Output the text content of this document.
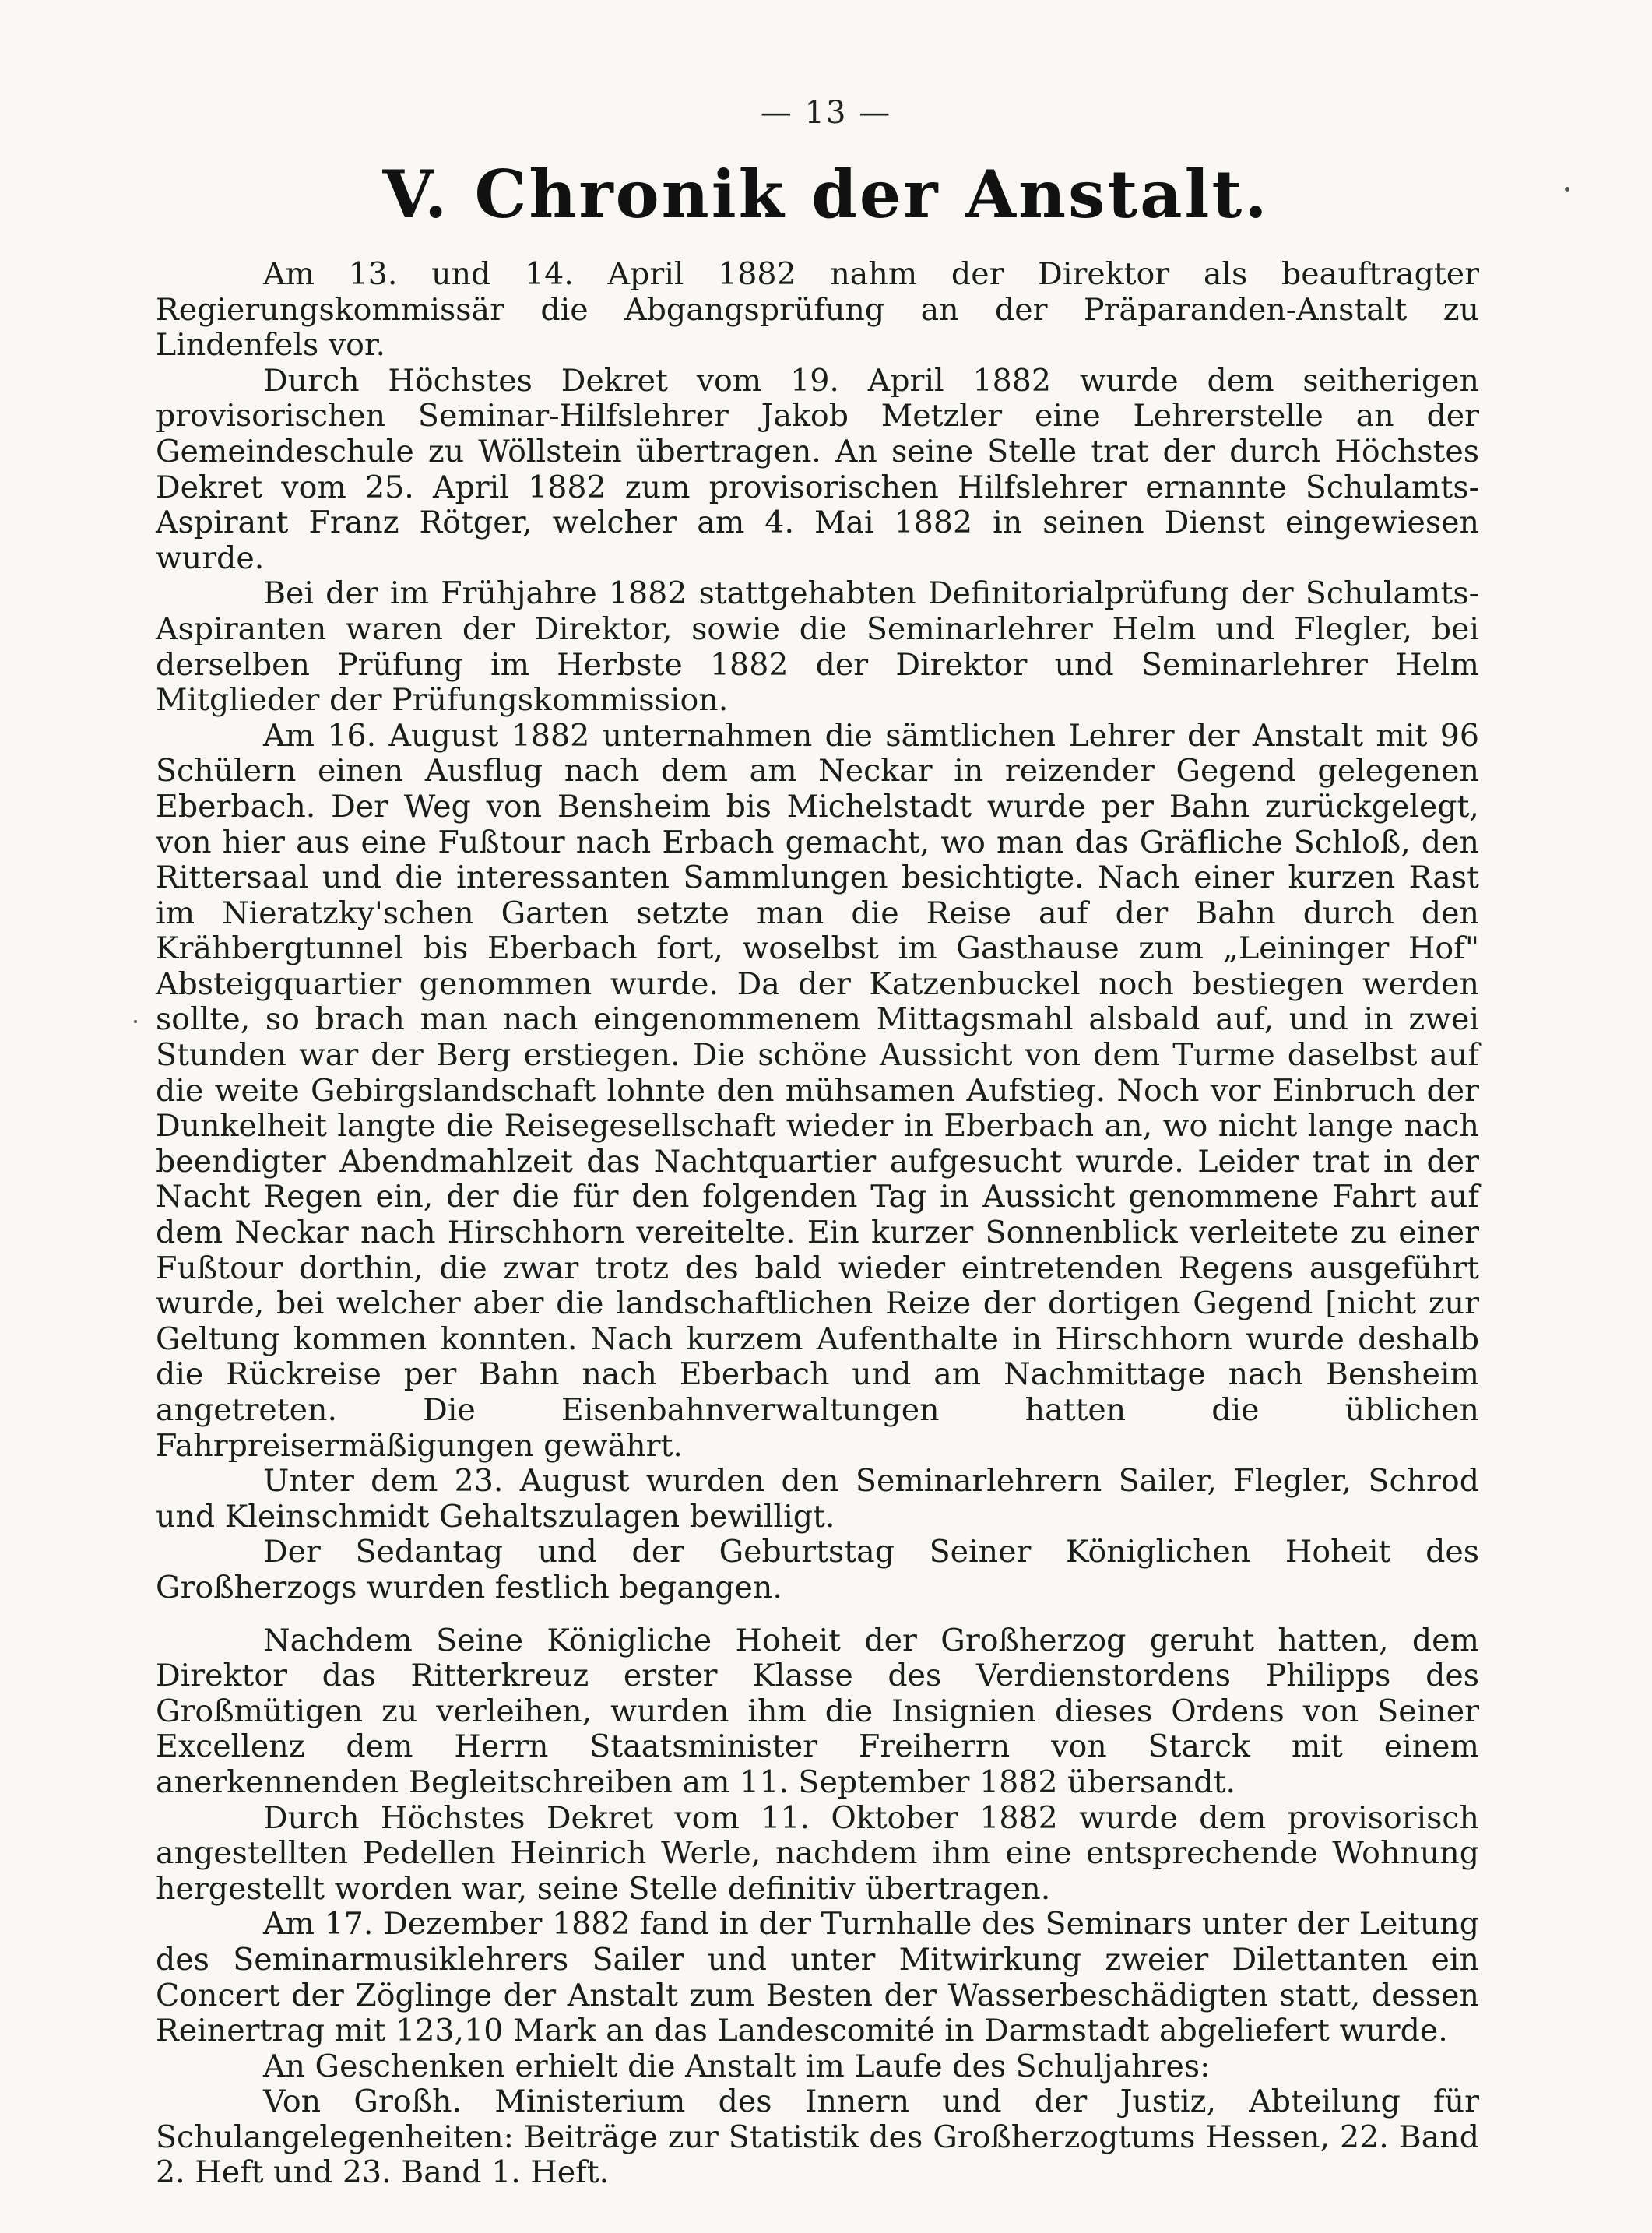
— 13 —
V. Chronik der Anstalt.

Am 13. und 14. April 1882 nahm der Direktor als beauftragter Regierungskommissär die Abgangsprüfung an der Präparanden-Anstalt zu Lindenfels vor.

Durch Höchstes Dekret vom 19. April 1882 wurde dem seitherigen provisorischen Seminar-Hilfslehrer Jakob Metzler eine Lehrerstelle an der Gemeindeschule zu Wöllstein übertragen. An seine Stelle trat der durch Höchstes Dekret vom 25. April 1882 zum provisorischen Hilfslehrer ernannte Schulamts-Aspirant Franz Rötger, welcher am 4. Mai 1882 in seinen Dienst eingewiesen wurde.

Bei der im Frühjahre 1882 stattgehabten Definitorialprüfung der Schulamts-Aspiranten waren der Direktor, sowie die Seminarlehrer Helm und Flegler, bei derselben Prüfung im Herbste 1882 der Direktor und Seminarlehrer Helm Mitglieder der Prüfungskommission.

Am 16. August 1882 unternahmen die sämtlichen Lehrer der Anstalt mit 96 Schülern einen Ausflug nach dem am Neckar in reizender Gegend gelegenen Eberbach. Der Weg von Bensheim bis Michelstadt wurde per Bahn zurückgelegt, von hier aus eine Fußtour nach Erbach gemacht, wo man das Gräfliche Schloß, den Rittersaal und die interessanten Sammlungen besichtigte. Nach einer kurzen Rast im Nieratzky'schen Garten setzte man die Reise auf der Bahn durch den Krähbergtunnel bis Eberbach fort, woselbst im Gasthause zum „Leininger Hof" Absteigquartier genommen wurde. Da der Katzenbuckel noch bestiegen werden sollte, so brach man nach eingenommenem Mittagsmahl alsbald auf, und in zwei Stunden war der Berg erstiegen. Die schöne Aussicht von dem Turme daselbst auf die weite Gebirgslandschaft lohnte den mühsamen Aufstieg. Noch vor Einbruch der Dunkelheit langte die Reisegesellschaft wieder in Eberbach an, wo nicht lange nach beendigter Abendmahlzeit das Nachtquartier aufgesucht wurde. Leider trat in der Nacht Regen ein, der die für den folgenden Tag in Aussicht genommene Fahrt auf dem Neckar nach Hirschhorn vereitelte. Ein kurzer Sonnenblick verleitete zu einer Fußtour dorthin, die zwar trotz des bald wieder eintretenden Regens ausgeführt wurde, bei welcher aber die landschaftlichen Reize der dortigen Gegend [nicht zur Geltung kommen konnten. Nach kurzem Aufenthalte in Hirschhorn wurde deshalb die Rückreise per Bahn nach Eberbach und am Nachmittage nach Bensheim angetreten. Die Eisenbahnverwaltungen hatten die üblichen Fahrpreisermäßigungen gewährt.

Unter dem 23. August wurden den Seminarlehrern Sailer, Flegler, Schrod und Kleinschmidt Gehaltszulagen bewilligt.

Der Sedantag und der Geburtstag Seiner Königlichen Hoheit des Großherzogs wurden festlich begangen.

Nachdem Seine Königliche Hoheit der Großherzog geruht hatten, dem Direktor das Ritterkreuz erster Klasse des Verdienstordens Philipps des Großmütigen zu verleihen, wurden ihm die Insignien dieses Ordens von Seiner Excellenz dem Herrn Staatsminister Freiherrn von Starck mit einem anerkennenden Begleitschreiben am 11. September 1882 übersandt.

Durch Höchstes Dekret vom 11. Oktober 1882 wurde dem provisorisch angestellten Pedellen Heinrich Werle, nachdem ihm eine entsprechende Wohnung hergestellt worden war, seine Stelle definitiv übertragen.

Am 17. Dezember 1882 fand in der Turnhalle des Seminars unter der Leitung des Seminarmusiklehrers Sailer und unter Mitwirkung zweier Dilettanten ein Concert der Zöglinge der Anstalt zum Besten der Wasserbeschädigten statt, dessen Reinertrag mit 123,10 Mark an das Landescomité in Darmstadt abgeliefert wurde.

An Geschenken erhielt die Anstalt im Laufe des Schuljahres:

Von Großh. Ministerium des Innern und der Justiz, Abteilung für Schulangelegenheiten: Beiträge zur Statistik des Großherzogtums Hessen, 22. Band 2. Heft und 23. Band 1. Heft.
